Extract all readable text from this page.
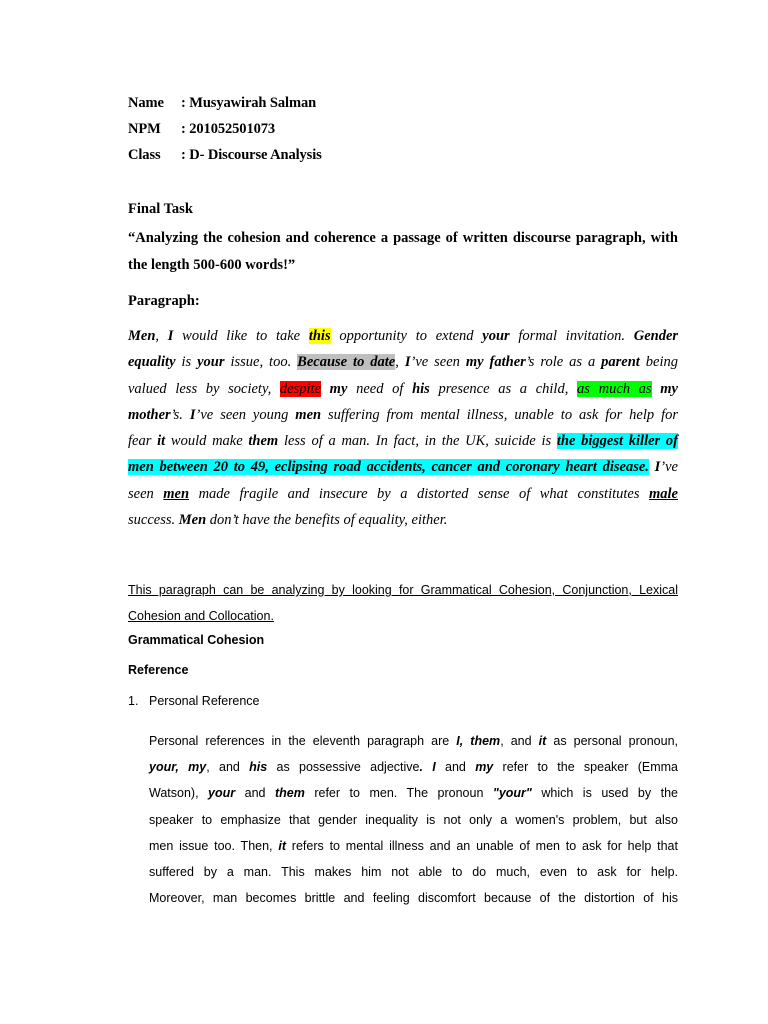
Name : Musyawirah Salman
NPM : 201052501073
Class : D- Discourse Analysis
Final Task
“Analyzing the cohesion and coherence a passage of written discourse paragraph, with the length 500-600 words!”
Paragraph:
Men, I would like to take this opportunity to extend your formal invitation. Gender
equality is your issue, too. Because to date, I’ve seen my father’s role as a parent being
valued less by society, despite my need of his presence as a child, as much as my
mother’s. I’ve seen young men suffering from mental illness, unable to ask for help for
fear it would make them less of a man. In fact, in the UK, suicide is the biggest killer of
men between 20 to 49, eclipsing road accidents, cancer and coronary heart disease. I’ve
seen men made fragile and insecure by a distorted sense of what constitutes male
success. Men don’t have the benefits of equality, either.
This paragraph can be analyzing by looking for Grammatical Cohesion, Conjunction, Lexical
Cohesion and Collocation.
Grammatical Cohesion
Reference
1. Personal Reference
Personal references in the eleventh paragraph are I, them, and it as personal pronoun,
your, my, and his as possessive adjective. I and my refer to the speaker (Emma
Watson), your and them refer to men. The pronoun "your" which is used by the
speaker to emphasize that gender inequality is not only a women's problem, but also
men issue too. Then, it refers to mental illness and an unable of men to ask for help that
suffered by a man. This makes him not able to do much, even to ask for help.
Moreover, man becomes brittle and feeling discomfort because of the distortion of his
